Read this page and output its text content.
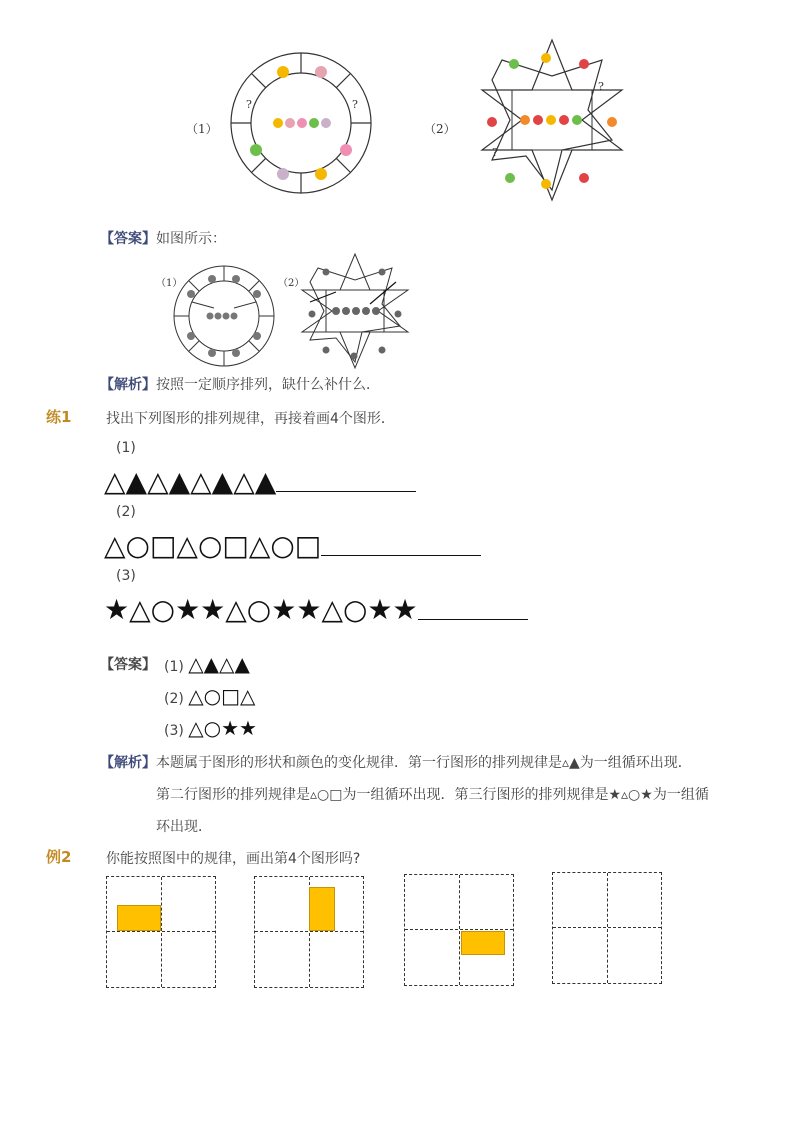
（1）
?	?
（2）
?
?
【答案】如图所示：
（1）	（2）
【解析】按照一定顺序排列，缺什么补什么．
练1 找出下列图形的排列规律，再接着画4个图形．
(1)
△▲△▲△▲△▲
(2)
△○□△○□△○□
(3)
★△○★★△○★★△○★★
【答案】 (1) △▲△▲
(2) △○□△
(3) △○★★
【解析】本题属于图形的形状和颜色的变化规律．第一行图形的排列规律是▵▲为一组循环出现．
第二行图形的排列规律是▵○□为一组循环出现．第三行图形的排列规律是★▵○★为一组循
环出现．
例2 你能按照图中的规律，画出第4个图形吗?
